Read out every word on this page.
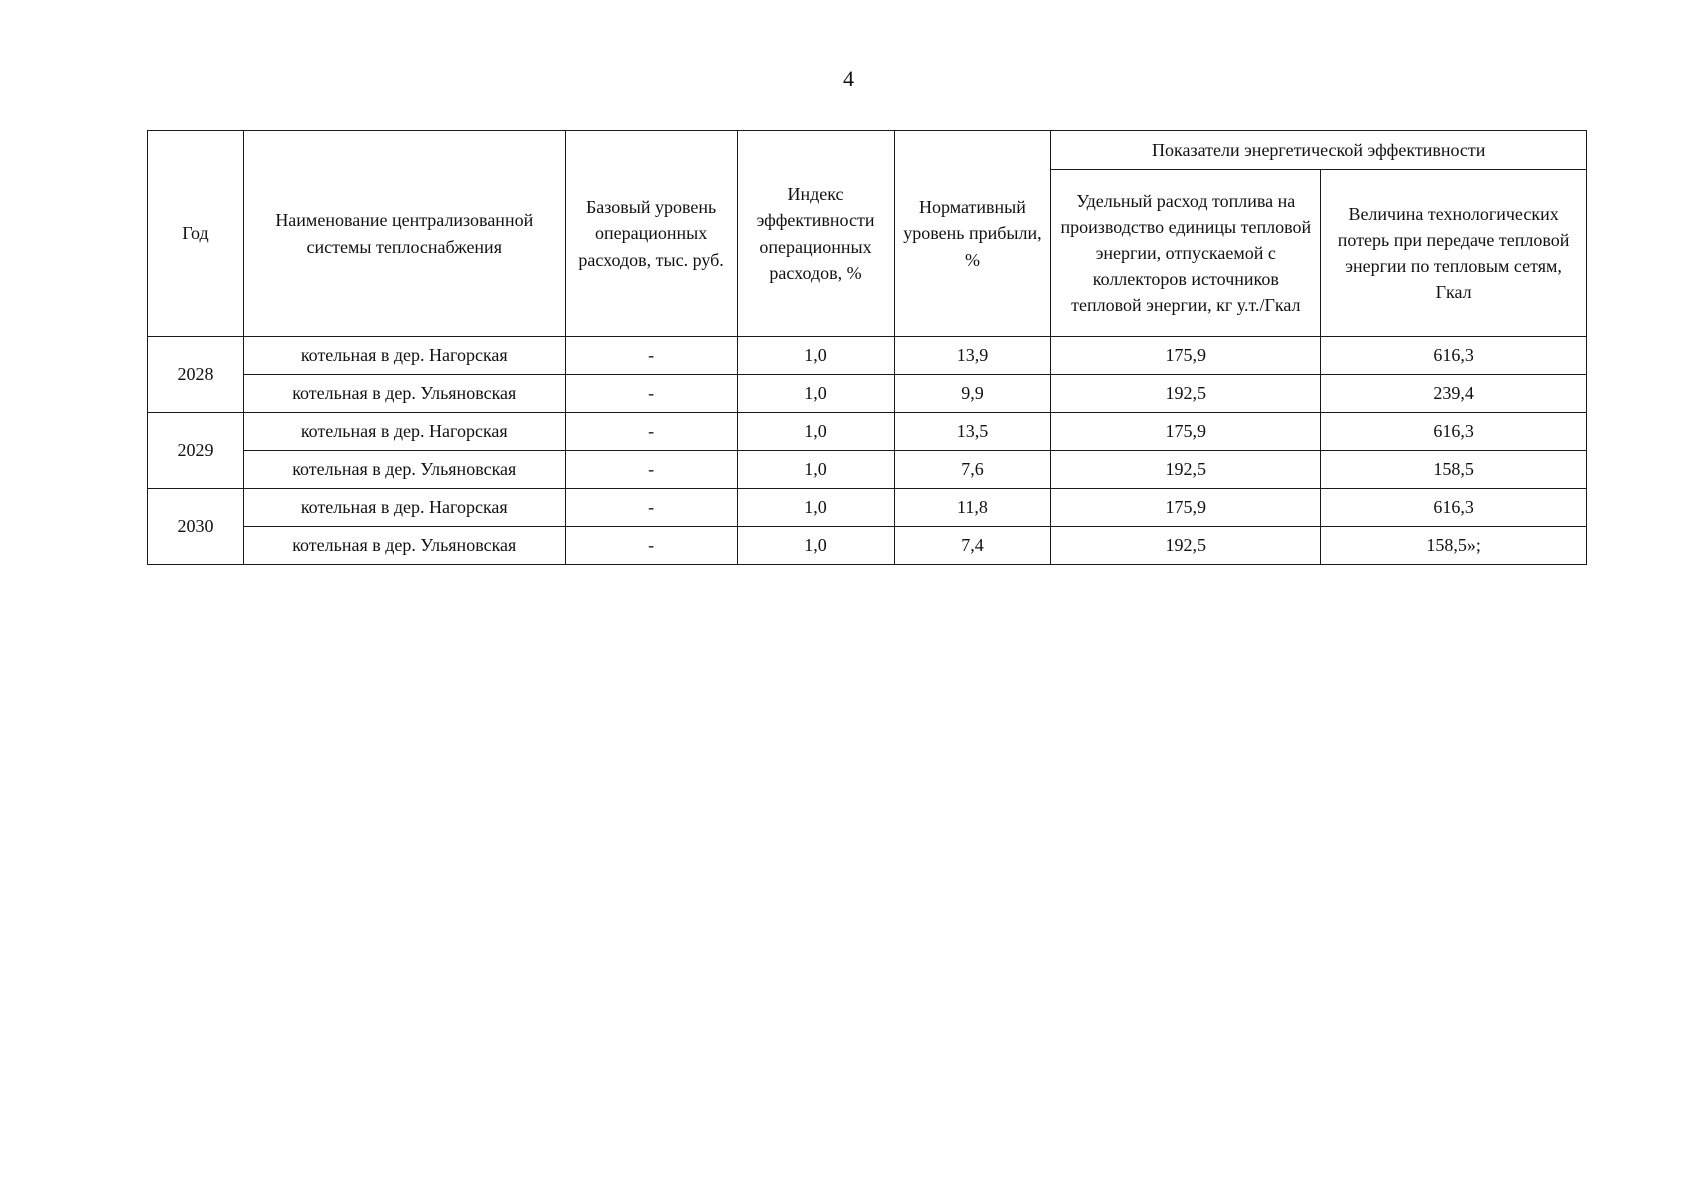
4
Год	Наименование централизованной системы теплоснабжения	Базовый уровень операционных расходов, тыс. руб.	Индекс эффективности операционных расходов, %	Нормативный уровень прибыли, %	Показатели энергетической эффективности	
					Удельный расход топлива на производство единицы тепловой энергии, отпускаемой с коллекторов источников тепловой энергии, кг у.т./Гкал	Величина технологических потерь при передаче тепловой энергии по тепловым сетям, Гкал
2028	котельная в дер. Нагорская	-	1,0	13,9	175,9	616,3
	котельная в дер. Ульяновская	-	1,0	9,9	192,5	239,4
2029	котельная в дер. Нагорская	-	1,0	13,5	175,9	616,3
	котельная в дер. Ульяновская	-	1,0	7,6	192,5	158,5
2030	котельная в дер. Нагорская	-	1,0	11,8	175,9	616,3
	котельная в дер. Ульяновская	-	1,0	7,4	192,5	158,5»;
